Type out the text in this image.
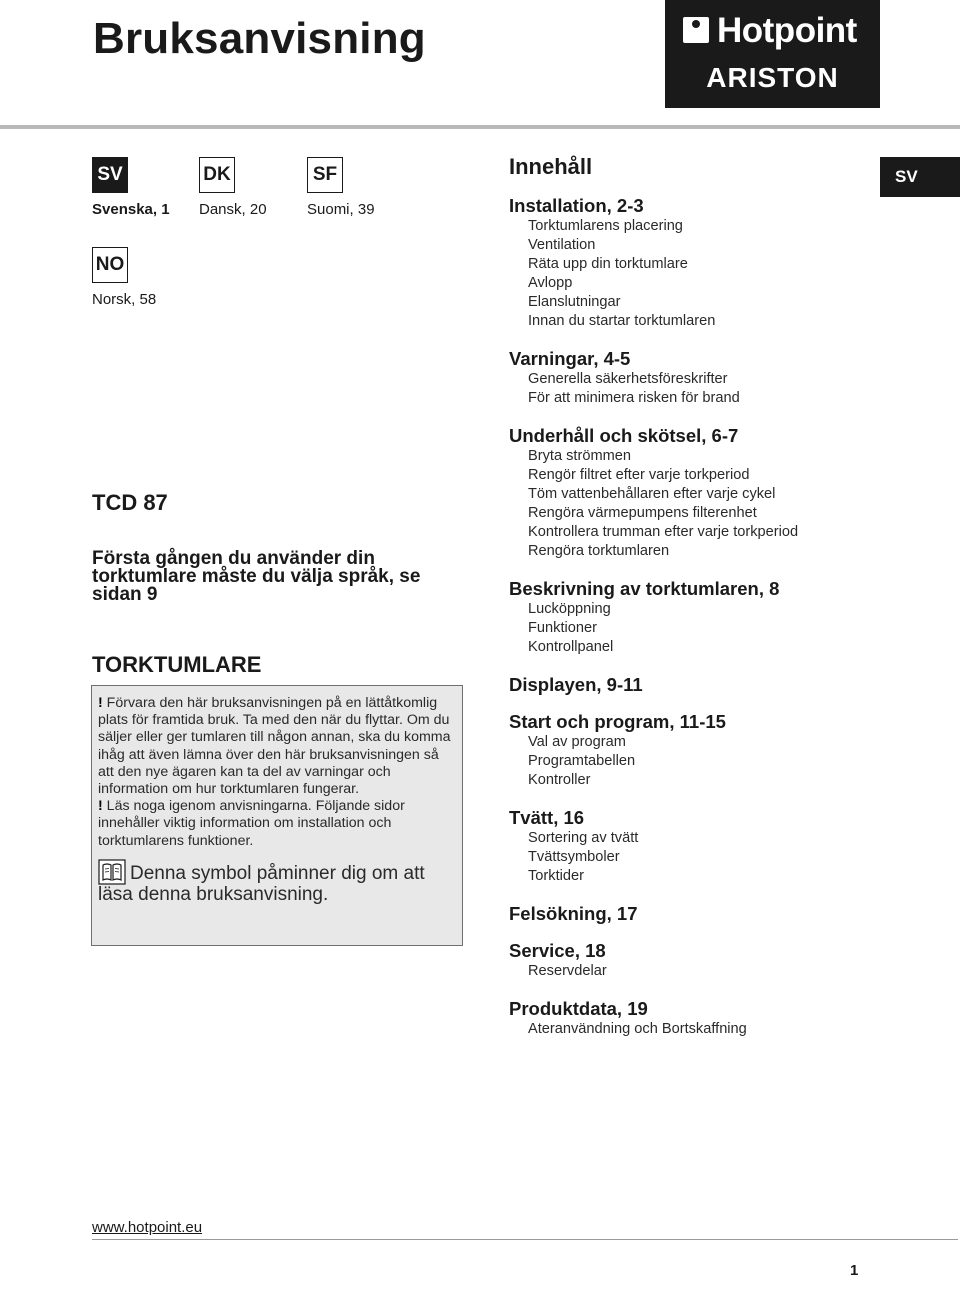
Bruksanvisning	Hotpoint
ARISTON
SV
Svenska, 1
DK
Dansk, 20
SF
Suomi, 39
NO
Norsk, 58
TCD 87
Första gången du använder din torktumlare måste du välja språk, se sidan 9
TORKTUMLARE

! Förvara den här bruksanvisningen på en lättåtkomlig plats för framtida bruk. Ta med den när du flyttar. Om du säljer eller ger tumlaren till någon annan, ska du komma ihåg att även lämna över den här bruksanvisningen så att den nye ägaren kan ta del av varningar och information om hur torktumlaren fungerar.

! Läs noga igenom anvisningarna. Följande sidor innehåller viktig information om installation och torktumlarens funktioner.

Denna symbol påminner dig om att läsa denna bruksanvisning.

www.hotpoint.eu
1
Innehåll	SV
Installation, 2-3
Torktumlarens placering
Ventilation
Räta upp din torktumlare
Avlopp
Elanslutningar
Innan du startar torktumlaren
Varningar, 4-5
Generella säkerhetsföreskrifter
För att minimera risken för brand
Underhåll och skötsel, 6-7
Bryta strömmen
Rengör filtret efter varje torkperiod
Töm vattenbehållaren efter varje cykel
Rengöra värmepumpens filterenhet
Kontrollera trumman efter varje torkperiod
Rengöra torktumlaren
Beskrivning av torktumlaren, 8
Lucköppning
Funktioner
Kontrollpanel
Displayen, 9-11
Start och program, 11-15
Val av program
Programtabellen
Kontroller
Tvätt, 16
Sortering av tvätt
Tvättsymboler
Torktider
Felsökning, 17
Service, 18
Reservdelar
Produktdata, 19
Ateranvändning och Bortskaffning
